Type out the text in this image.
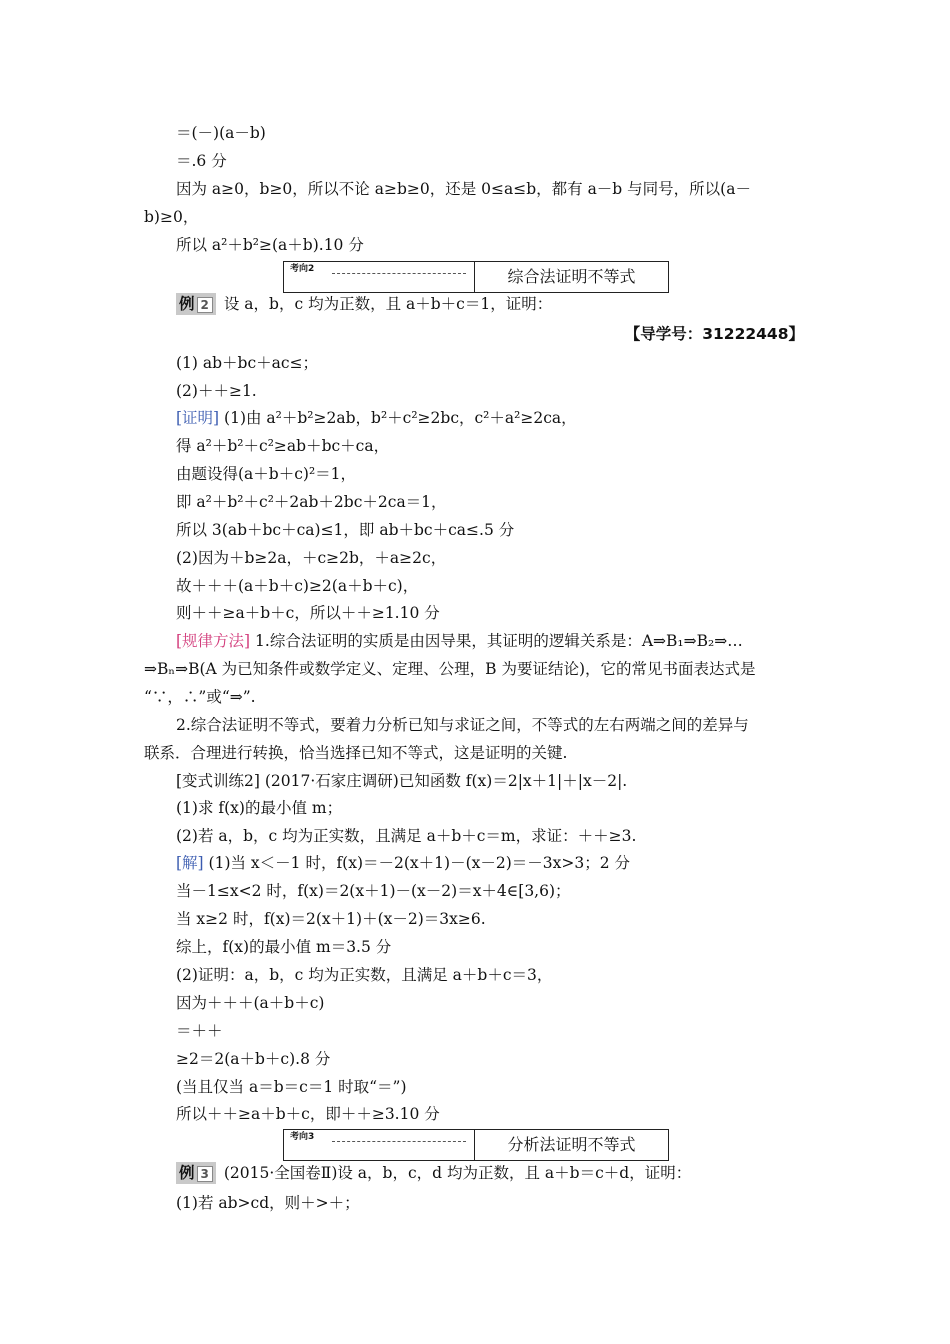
＝(－)(a－b)
＝.6 分
因为 a≥0，b≥0，所以不论 a≥b≥0，还是 0≤a≤b，都有 a－b 与同号，所以(a－
b)≥0，
所以 a²＋b²≥(a＋b).10 分
考向2	综合法证明不等式
例 2 设 a，b，c 均为正数，且 a＋b＋c＝1，证明：
【导学号：31222448】
(1) ab＋bc＋ac≤；
(2)＋＋≥1.
[证明] (1)由 a²＋b²≥2ab，b²＋c²≥2bc，c²＋a²≥2ca，
得 a²＋b²＋c²≥ab＋bc＋ca，
由题设得(a＋b＋c)²＝1，
即 a²＋b²＋c²＋2ab＋2bc＋2ca＝1，
所以 3(ab＋bc＋ca)≤1，即 ab＋bc＋ca≤.5 分
(2)因为＋b≥2a，＋c≥2b，＋a≥2c，
故＋＋＋(a＋b＋c)≥2(a＋b＋c)，
则＋＋≥a＋b＋c，所以＋＋≥1.10 分
[规律方法] 1.综合法证明的实质是由因导果，其证明的逻辑关系是：A⇒B₁⇒B₂⇒…
⇒Bₙ⇒B(A 为已知条件或数学定义、定理、公理，B 为要证结论)，它的常见书面表达式是
“∵，∴”或“⇒”.
2.综合法证明不等式，要着力分析已知与求证之间，不等式的左右两端之间的差异与
联系．合理进行转换，恰当选择已知不等式，这是证明的关键.
[变式训练2] (2017·石家庄调研)已知函数 f(x)＝2|x＋1|＋|x－2|.
(1)求 f(x)的最小值 m；
(2)若 a，b，c 均为正实数，且满足 a＋b＋c＝m，求证：＋＋≥3.
[解] (1)当 x＜－1 时，f(x)＝－2(x＋1)－(x－2)＝－3x>3；2 分
当－1≤x<2 时，f(x)＝2(x＋1)－(x－2)＝x＋4∈[3,6)；
当 x≥2 时，f(x)＝2(x＋1)＋(x－2)＝3x≥6.
综上，f(x)的最小值 m＝3.5 分
(2)证明：a，b，c 均为正实数，且满足 a＋b＋c＝3，
因为＋＋＋(a＋b＋c)
＝＋＋
≥2＝2(a＋b＋c).8 分
(当且仅当 a＝b＝c＝1 时取“＝”)
所以＋＋≥a＋b＋c，即＋＋≥3.10 分
考向3	分析法证明不等式
例 3 (2015·全国卷Ⅱ)设 a，b，c，d 均为正数，且 a＋b＝c＋d，证明：
(1)若 ab>cd，则＋>＋；
